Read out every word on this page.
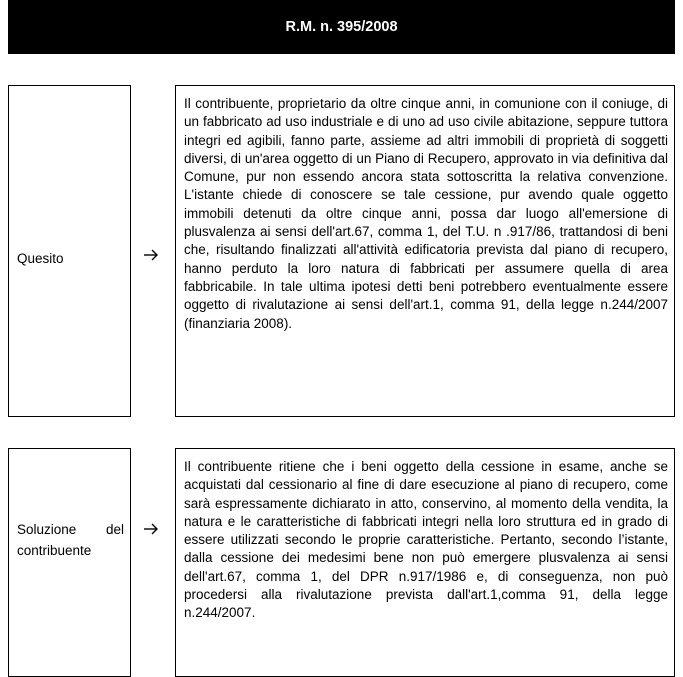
R.M. n. 395/2008
Quesito

Il contribuente, proprietario da oltre cinque anni, in comunione con il coniuge, di un fabbricato ad uso industriale e di uno ad uso civile abitazione, seppure tuttora integri ed agibili, fanno parte, assieme ad altri immobili di proprietà di soggetti diversi, di un'area oggetto di un Piano di Recupero, approvato in via definitiva dal Comune, pur non essendo ancora stata sottoscritta la relativa convenzione. L'istante chiede di conoscere se tale cessione, pur avendo quale oggetto immobili detenuti da oltre cinque anni, possa dar luogo all'emersione di plusvalenza ai sensi dell'art.67, comma 1, del T.U. n .917/86, trattandosi di beni che, risultando finalizzati all'attività edificatoria prevista dal piano di recupero, hanno perduto la loro natura di fabbricati per assumere quella di area fabbricabile. In tale ultima ipotesi detti beni potrebbero eventualmente essere oggetto di rivalutazione ai sensi dell'art.1, comma 91, della legge n.244/2007 (finanziaria 2008).

Soluzione del contribuente

Il contribuente ritiene che i beni oggetto della cessione in esame, anche se acquistati dal cessionario al fine di dare esecuzione al piano di recupero, come sarà espressamente dichiarato in atto, conservino, al momento della vendita, la natura e le caratteristiche di fabbricati integri nella loro struttura ed in grado di essere utilizzati secondo le proprie caratteristiche. Pertanto, secondo l’istante, dalla cessione dei medesimi bene non può emergere plusvalenza ai sensi dell'art.67, comma 1, del DPR n.917/1986 e, di conseguenza, non può procedersi alla rivalutazione prevista dall'art.1,comma 91, della legge n.244/2007.
